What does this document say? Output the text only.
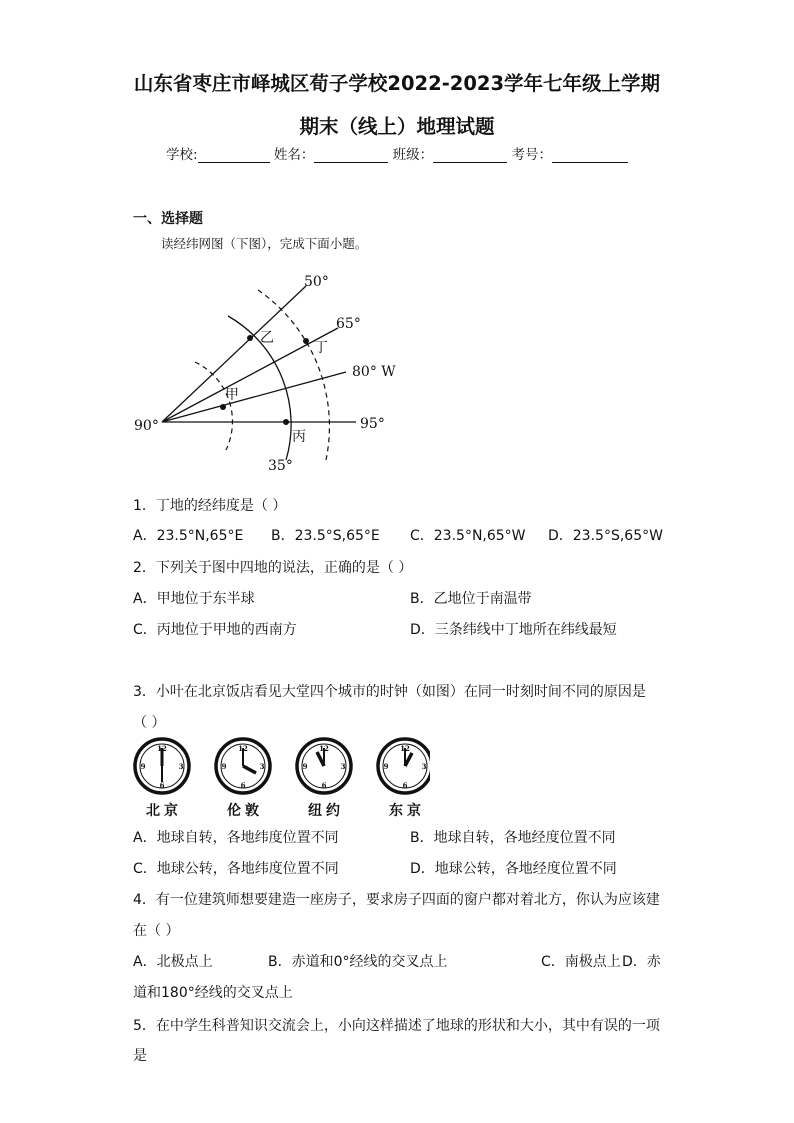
山东省枣庄市峄城区荀子学校2022-2023学年七年级上学期
期末（线上）地理试题
学校:	姓名：	班级：	考号：
一、选择题
读经纬网图（下图），完成下面小题。
50°
65°
80° W
95°
90°
35°
甲
乙
丙
丁
1．丁地的经纬度是（ ）
A．23.5°N,65°E B．23.5°S,65°E C．23.5°N,65°W D．23.5°S,65°W
2．下列关于图中四地的说法，正确的是（ ）
A．甲地位于东半球	B．乙地位于南温带
C．丙地位于甲地的西南方	D．三条纬线中丁地所在纬线最短
3．小叶在北京饭店看见大堂四个城市的时钟（如图）在同一时刻时间不同的原因是
（ ）
12
3
6
9
12
3
6
9
12
3
6
9
12
3
6
9
北京	伦敦	纽约	东京
A．地球自转，各地纬度位置不同	B．地球自转，各地经度位置不同
C．地球公转，各地纬度位置不同	D．地球公转，各地经度位置不同
4．有一位建筑师想要建造一座房子，要求房子四面的窗户都对着北方，你认为应该建
在（ ）
A．北极点上	B．赤道和0°经线的交叉点上	C．南极点上 D．赤
道和180°经线的交叉点上
5．在中学生科普知识交流会上，小向这样描述了地球的形状和大小，其中有误的一项
是
